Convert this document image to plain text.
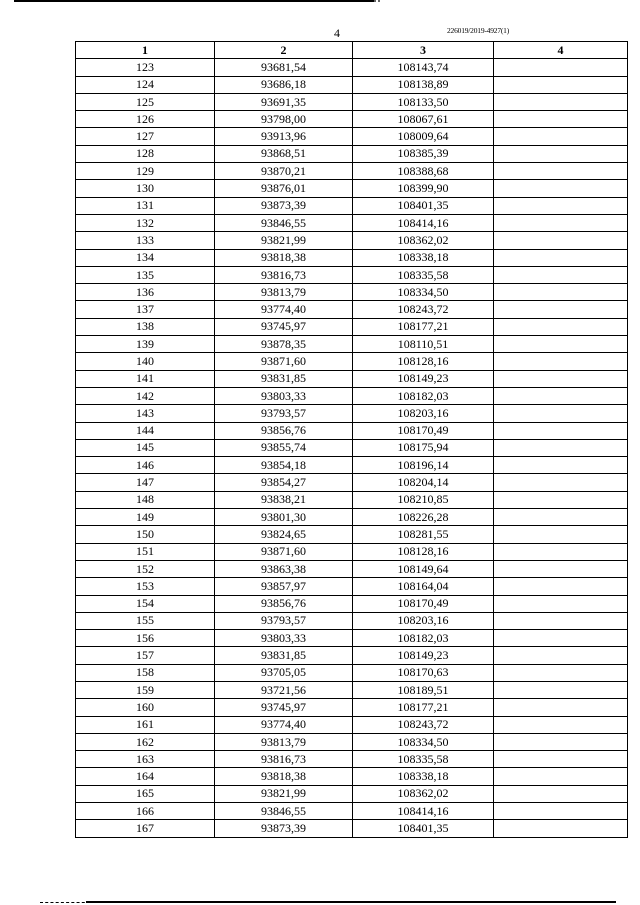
4	226019/2019-4927(1)
1	2	3	4
123	93681,54	108143,74	
124	93686,18	108138,89	
125	93691,35	108133,50	
126	93798,00	108067,61	
127	93913,96	108009,64	
128	93868,51	108385,39	
129	93870,21	108388,68	
130	93876,01	108399,90	
131	93873,39	108401,35	
132	93846,55	108414,16	
133	93821,99	108362,02	
134	93818,38	108338,18	
135	93816,73	108335,58	
136	93813,79	108334,50	
137	93774,40	108243,72	
138	93745,97	108177,21	
139	93878,35	108110,51	
140	93871,60	108128,16	
141	93831,85	108149,23	
142	93803,33	108182,03	
143	93793,57	108203,16	
144	93856,76	108170,49	
145	93855,74	108175,94	
146	93854,18	108196,14	
147	93854,27	108204,14	
148	93838,21	108210,85	
149	93801,30	108226,28	
150	93824,65	108281,55	
151	93871,60	108128,16	
152	93863,38	108149,64	
153	93857,97	108164,04	
154	93856,76	108170,49	
155	93793,57	108203,16	
156	93803,33	108182,03	
157	93831,85	108149,23	
158	93705,05	108170,63	
159	93721,56	108189,51	
160	93745,97	108177,21	
161	93774,40	108243,72	
162	93813,79	108334,50	
163	93816,73	108335,58	
164	93818,38	108338,18	
165	93821,99	108362,02	
166	93846,55	108414,16	
167	93873,39	108401,35	
